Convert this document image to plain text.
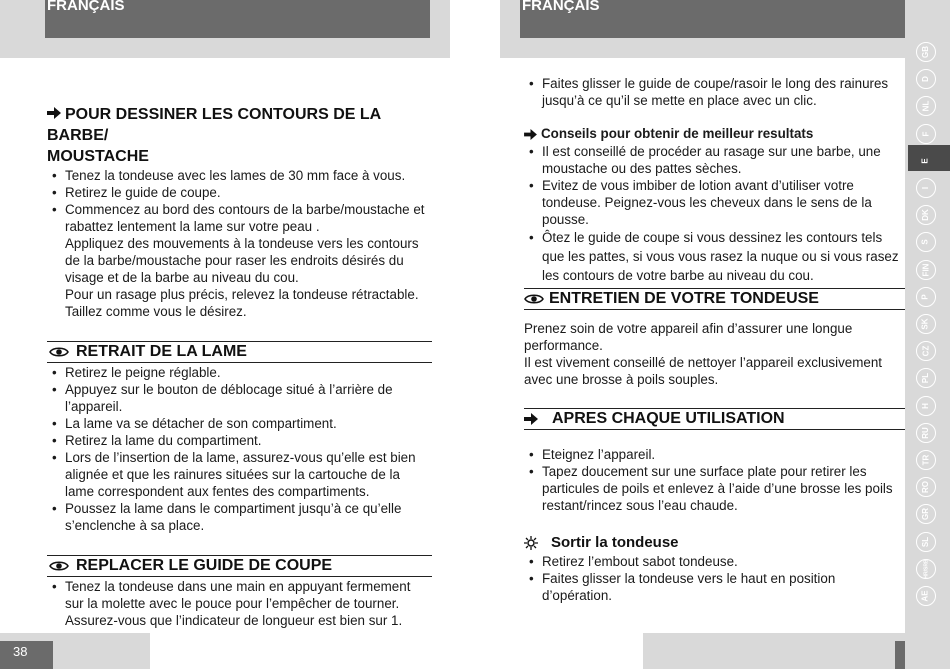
FRANÇAIS	FRANÇAIS
38
POUR DESSINER LES CONTOURS DE LA BARBE/
MOUSTACHE
• Tenez la tondeuse avec les lames de 30 mm face à vous.
• Retirez le guide de coupe.
• Commencez au bord des contours de la barbe/moustache et rabattez lentement la lame sur votre peau .
Appliquez des mouvements à la tondeuse vers les contours de la barbe/moustache pour raser les endroits désirés du visage et de la barbe au niveau du cou.
Pour un rasage plus précis, relevez la tondeuse rétractable. Taillez comme vous le désirez.
RETRAIT DE LA LAME
• Retirez le peigne réglable.
• Appuyez sur le bouton de déblocage situé à l’arrière de l’appareil.
• La lame va se détacher de son compartiment.
• Retirez la lame du compartiment.
• Lors de l’insertion de la lame, assurez-vous qu’elle est bien alignée et que les rainures situées sur la cartouche de la lame correspondent aux fentes des compartiments.
• Poussez la lame dans le compartiment jusqu’à ce qu’elle s’enclenche à sa place.
REPLACER LE GUIDE DE COUPE
• Tenez la tondeuse dans une main en appuyant fermement sur la molette avec le pouce pour l’empêcher de tourner. Assurez-vous que l’indicateur de longueur est bien sur 1.
• Faites glisser le guide de coupe/rasoir le long des rainures jusqu’à ce qu’il se mette en place avec un clic.
Conseils pour obtenir de meilleur resultats
• Il est conseillé de procéder au rasage sur une barbe, une moustache ou des pattes sèches.
• Evitez de vous imbiber de lotion avant d’utiliser votre tondeuse. Peignez-vous les cheveux dans le sens de la pousse.
• Ôtez le guide de coupe si vous dessinez les contours tels que les pattes, si vous vous rasez la nuque ou si vous rasez les contours de votre barbe au niveau du cou.
ENTRETIEN DE VOTRE TONDEUSE
Prenez soin de votre appareil afin d’assurer une longue performance.
Il est vivement conseillé de nettoyer l’appareil exclusivement avec une brosse à poils souples.
APRES CHAQUE UTILISATION
• Eteignez l’appareil.
• Tapez doucement sur une surface plate pour retirer les particules de poils et enlevez à l’aide d’une brosse les poils restant/rincez sous l’eau chaude.
Sortir la tondeuse
• Retirez l’embout sabot tondeuse.
• Faites glisser la tondeuse vers le haut en position d’opération.
GB
D
NL
F
E
I
DK
S
FIN
P
SK
CZ
PL
H
RU
TR
RO
GR
SL
HR/SRB
AE
